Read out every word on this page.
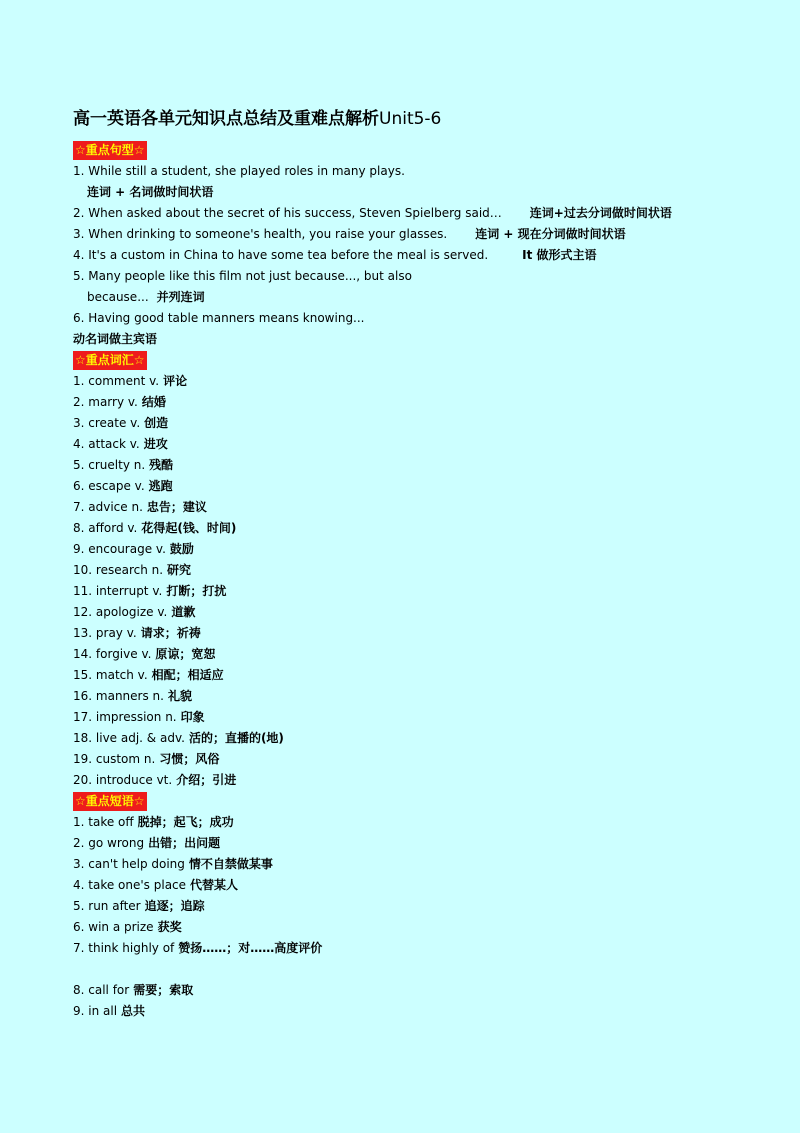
高一英语各单元知识点总结及重难点解析Unit5-6
☆重点句型☆
1. While still a student, she played roles in many plays.
连词 + 名词做时间状语
2. When asked about the secret of his success, Steven Spielberg said… 连词+过去分词做时间状语
3. When drinking to someone's health, you raise your glasses. 连词 + 现在分词做时间状语
4. It's a custom in China to have some tea before the meal is served.	It 做形式主语
5. Many people like this film not just because..., but also
because... 并列连词
6. Having good table manners means knowing...
动名词做主宾语
☆重点词汇☆
1. comment v. 评论
2. marry v. 结婚
3. create v. 创造
4. attack v. 进攻
5. cruelty n. 残酷
6. escape v. 逃跑
7. advice n. 忠告；建议
8. afford v. 花得起(钱、时间)
9. encourage v. 鼓励
10. research n. 研究
11. interrupt v. 打断；打扰
12. apologize v. 道歉
13. pray v. 请求；祈祷
14. forgive v. 原谅；宽恕
15. match v. 相配；相适应
16. manners n. 礼貌
17. impression n. 印象
18. live adj. & adv. 活的；直播的(地)
19. custom n. 习惯；风俗
20. introduce vt. 介绍；引进
☆重点短语☆
1. take off 脱掉；起飞；成功
2. go wrong 出错；出问题
3. can't help doing 情不自禁做某事
4. take one's place 代替某人
5. run after 追逐；追踪
6. win a prize 获奖
7. think highly of 赞扬……；对……高度评价
8. call for 需要；索取
9. in all 总共
